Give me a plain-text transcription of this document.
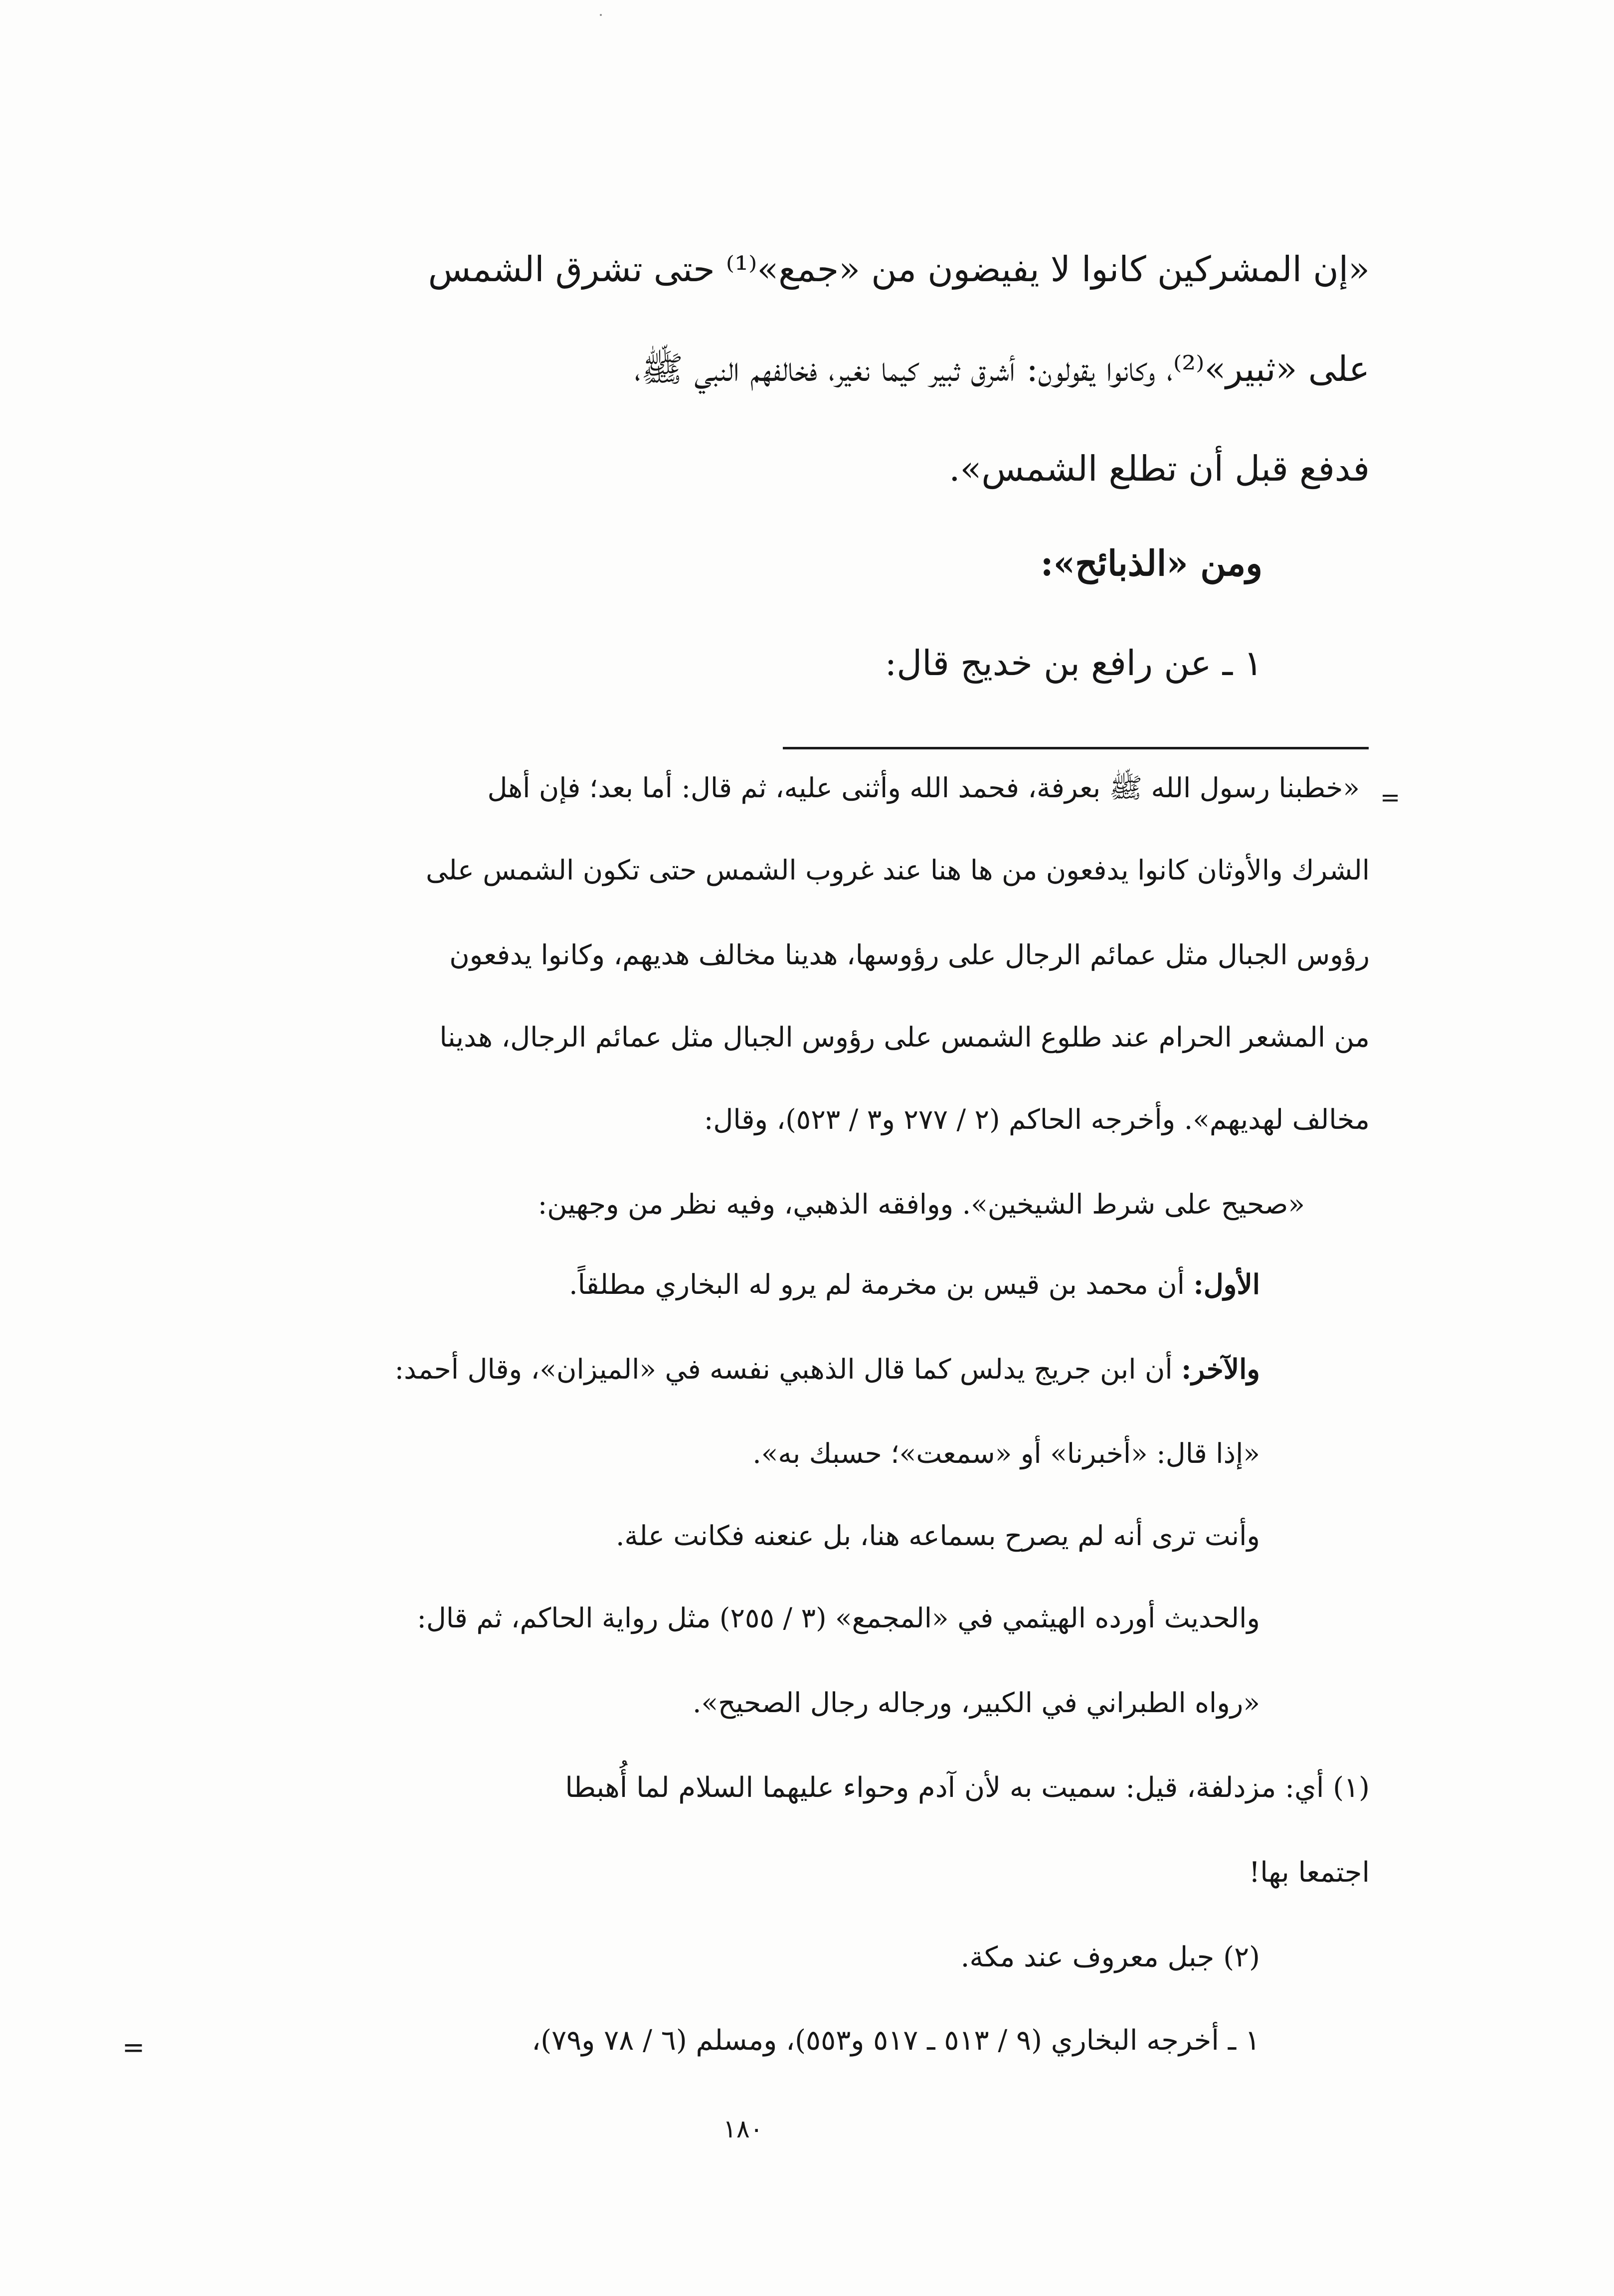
«إن المشركين كانوا لا يفيضون من «جمع»⁽¹⁾ حتى تشرق الشمس

على «ثبير»⁽²⁾، وكانوا يقولون: أشرق ثبير كيما نغير، فخالفهم النبي ﷺ،

فدفع قبل أن تطلع الشمس».

ومن «الذبائح»:

١ ـ عن رافع بن خديج قال:

=

«خطبنا رسول الله ﷺ بعرفة، فحمد الله وأثنى عليه، ثم قال: أما بعد؛ فإن أهل

الشرك والأوثان كانوا يدفعون من ها هنا عند غروب الشمس حتى تكون الشمس على

رؤوس الجبال مثل عمائم الرجال على رؤوسها، هدينا مخالف هديهم، وكانوا يدفعون

من المشعر الحرام عند طلوع الشمس على رؤوس الجبال مثل عمائم الرجال، هدينا

مخالف لهديهم». وأخرجه الحاكم (٢ / ٢٧٧ و٣ / ٥٢٣)، وقال:

«صحيح على شرط الشيخين». ووافقه الذهبي، وفيه نظر من وجهين:

الأول: أن محمد بن قيس بن مخرمة لم يرو له البخاري مطلقاً.

والآخر: أن ابن جريج يدلس كما قال الذهبي نفسه في «الميزان»، وقال أحمد:

«إذا قال: «أخبرنا» أو «سمعت»؛ حسبك به».

وأنت ترى أنه لم يصرح بسماعه هنا، بل عنعنه فكانت علة.

والحديث أورده الهيثمي في «المجمع» (٣ / ٢٥٥) مثل رواية الحاكم، ثم قال:

«رواه الطبراني في الكبير، ورجاله رجال الصحيح».

(١) أي: مزدلفة، قيل: سميت به لأن آدم وحواء عليهما السلام لما أُهبطا

اجتمعا بها!

(٢) جبل معروف عند مكة.

١ ـ أخرجه البخاري (٩ / ٥١٣ ـ ٥١٧ و٥٥٣)، ومسلم (٦ / ٧٨ و٧٩)،

=

١٨٠
